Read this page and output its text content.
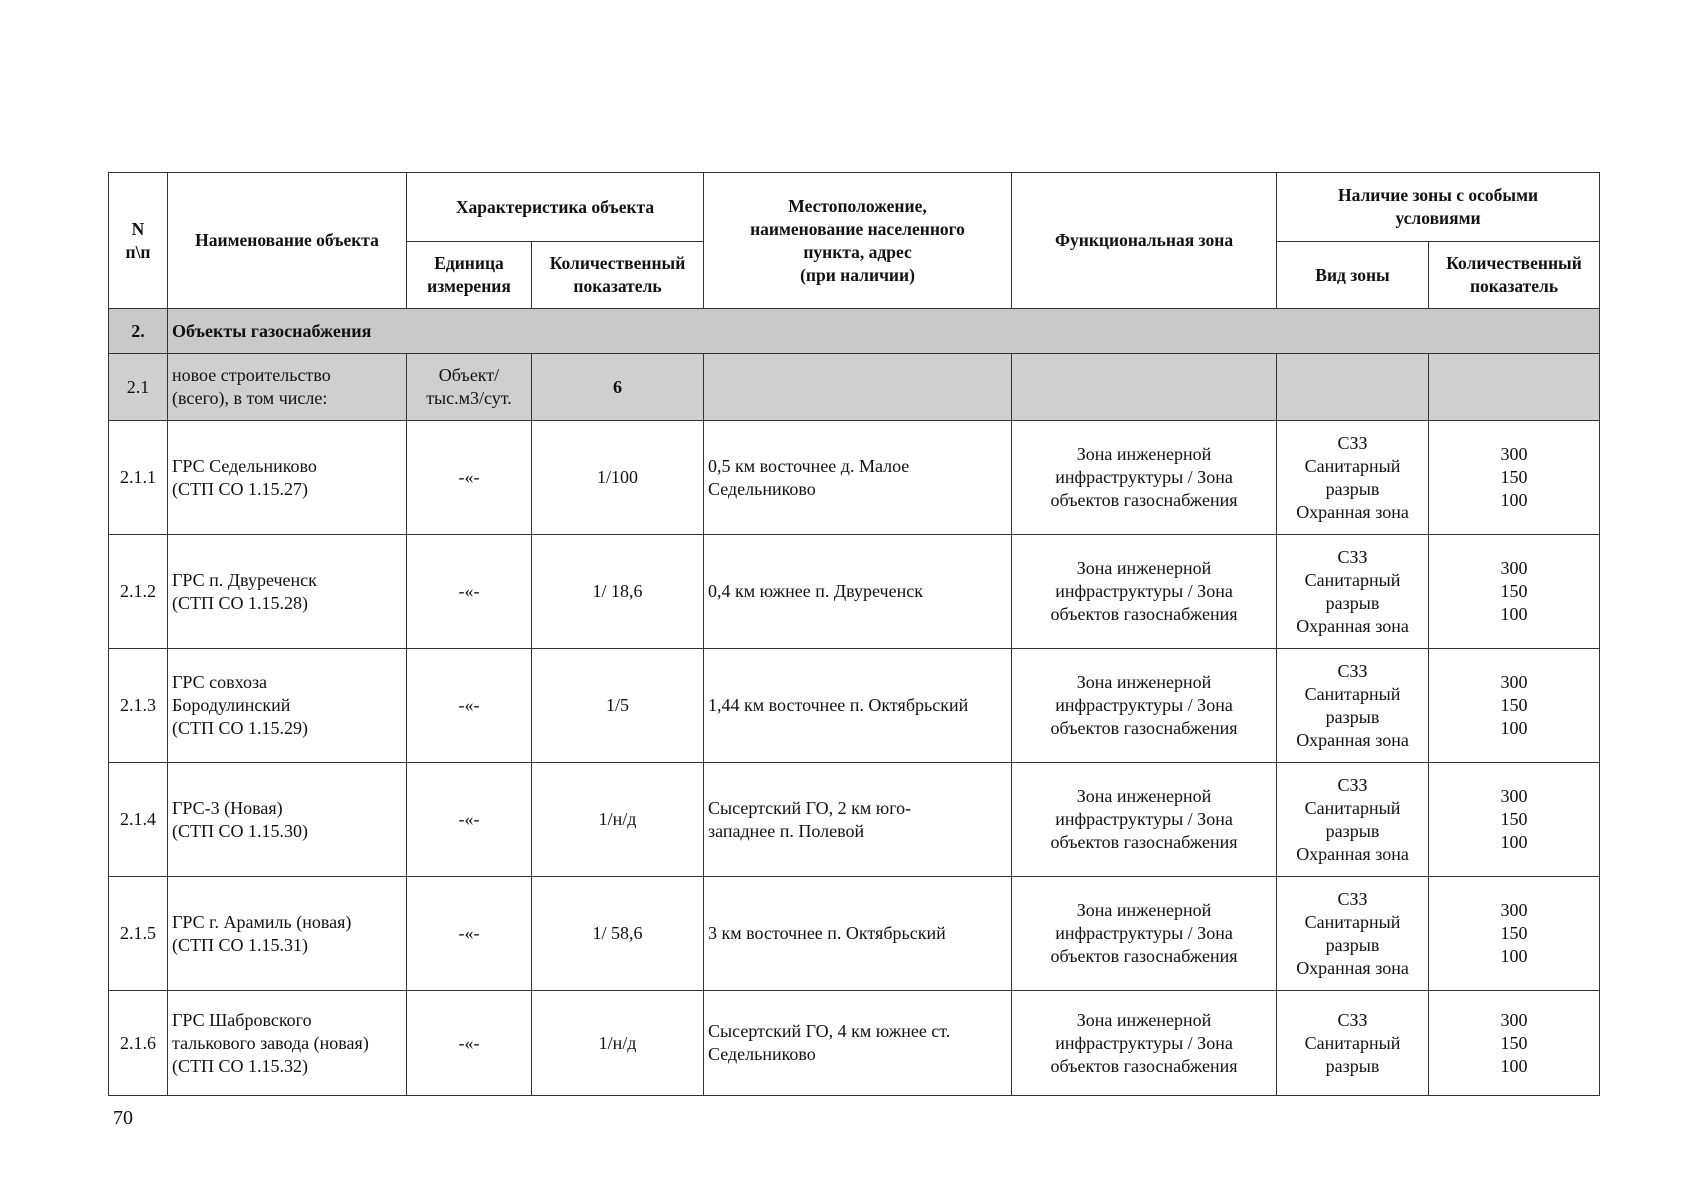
N
п\п	Наименование объекта	Характеристика объекта		Местоположение,
наименование населенного
пункта, адрес
(при наличии)	Функциональная зона	Наличие зоны с особыми
условиями	
		Единица
измерения	Количественный
показатель			Вид зоны	Количественный
показатель
2.	Объекты газоснабжения						
2.1	новое строительство
(всего), в том числе:	Объект/
тыс.м3/сут.	6				
2.1.1	ГРС Седельниково
(СТП СО 1.15.27)	-«-	1/100	0,5 км восточнее д. Малое
Седельниково	Зона инженерной
инфраструктуры / Зона
объектов газоснабжения	СЗЗ
Санитарный
разрыв
Охранная зона	300
150
100
2.1.2	ГРС п. Двуреченск
(СТП СО 1.15.28)	-«-	1/ 18,6	0,4 км южнее п. Двуреченск	Зона инженерной
инфраструктуры / Зона
объектов газоснабжения	СЗЗ
Санитарный
разрыв
Охранная зона	300
150
100
2.1.3	ГРС совхоза
Бородулинский
(СТП СО 1.15.29)	-«-	1/5	1,44 км восточнее п. Октябрьский	Зона инженерной
инфраструктуры / Зона
объектов газоснабжения	СЗЗ
Санитарный
разрыв
Охранная зона	300
150
100
2.1.4	ГРС-3 (Новая)
(СТП СО 1.15.30)	-«-	1/н/д	Сысертский ГО, 2 км юго-
западнее п. Полевой	Зона инженерной
инфраструктуры / Зона
объектов газоснабжения	СЗЗ
Санитарный
разрыв
Охранная зона	300
150
100
2.1.5	ГРС г. Арамиль (новая)
(СТП СО 1.15.31)	-«-	1/ 58,6	3 км восточнее п. Октябрьский	Зона инженерной
инфраструктуры / Зона
объектов газоснабжения	СЗЗ
Санитарный
разрыв
Охранная зона	300
150
100
2.1.6	ГРС Шабровского
талькового завода (новая)
(СТП СО 1.15.32)	-«-	1/н/д	Сысертский ГО, 4 км южнее ст.
Седельниково	Зона инженерной
инфраструктуры / Зона
объектов газоснабжения	СЗЗ
Санитарный
разрыв	300
150
100
70
